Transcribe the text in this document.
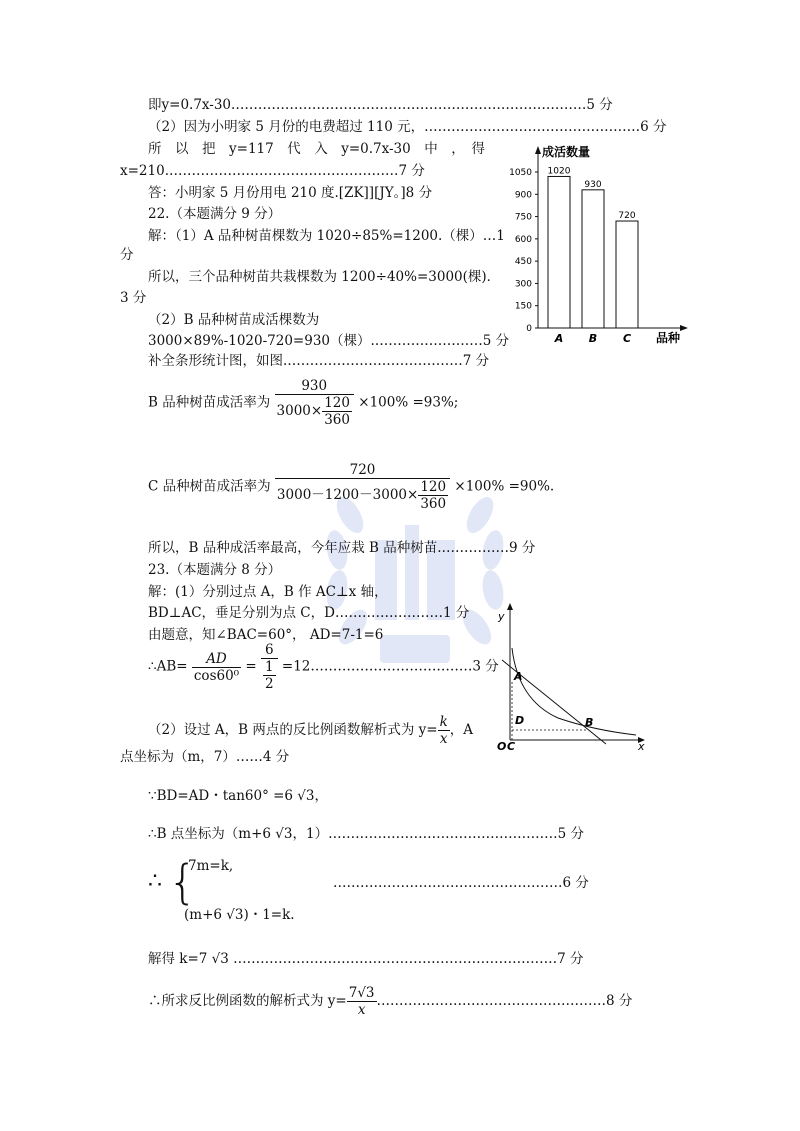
即y=0.7x-30.……………………………………………………………………5 分
（2）因为小明家 5 月份的电费超过 110 元，…………………………………………6 分
所　以　把　y=117　代　入　y=0.7x-30　中　，　得
x=210.……………………………………………7 分
答：小明家 5 月份用电 210 度.[ZK]][JY。]8 分
22.（本题满分 9 分）
解：（1）A 品种树苗棵数为 1020÷85%=1200.（棵）…1
分
所以，三个品种树苗共栽棵数为 1200÷40%=3000(棵)．
3 分
（2）B 品种树苗成活棵数为
3000×89%-1020-720=930（棵）.……………………5 分
补全条形统计图，如图.…………………………………7 分
B 品种树苗成活率为 $\frac{930}{3000\times \frac{120}{360}} \times 100\% =93\%$;
C 品种树苗成活率为 $\frac{720}{3000-1200-3000\times \frac{120}{360}} \times 100\% =90\%$.
所以，B 品种成活率最高，今年应栽 B 品种树苗.……………9 分
23.（本题满分 8 分）
解：(1）分别过点 A，B 作 AC⊥x 轴，
BD⊥AC，垂足分别为点 C，D……………………1 分
由题意，知∠BAC=60°， AD=7-1=6
∴AB= $\frac{AD}{\text{cos60⁰}} = \frac{6}{\frac{1}{2}}$ =12………………………………3 分
（2）设过 A，B 两点的反比例函数解析式为 $y= \frac{k}{x}$ ，A
点坐标为（m，7）……4 分
∵BD=AD・tan60° =6 √3，
∴B 点坐标为（m+6 √3，1）……………………………………………5 分
∴ {
7m=k,
(m+6 √3)・1=k.
……………………………………………6 分
解得 k=7 √3 ………………………………………………………………7 分
∴所求反比例函数的解析式为 $y= \frac{7√3}{x}$ ……………………………………………8 分
成活数量
品种
0
150
300
450
600
750
900
1050 1020
A
930
B
720
C
y
x
O C
A
B
D
